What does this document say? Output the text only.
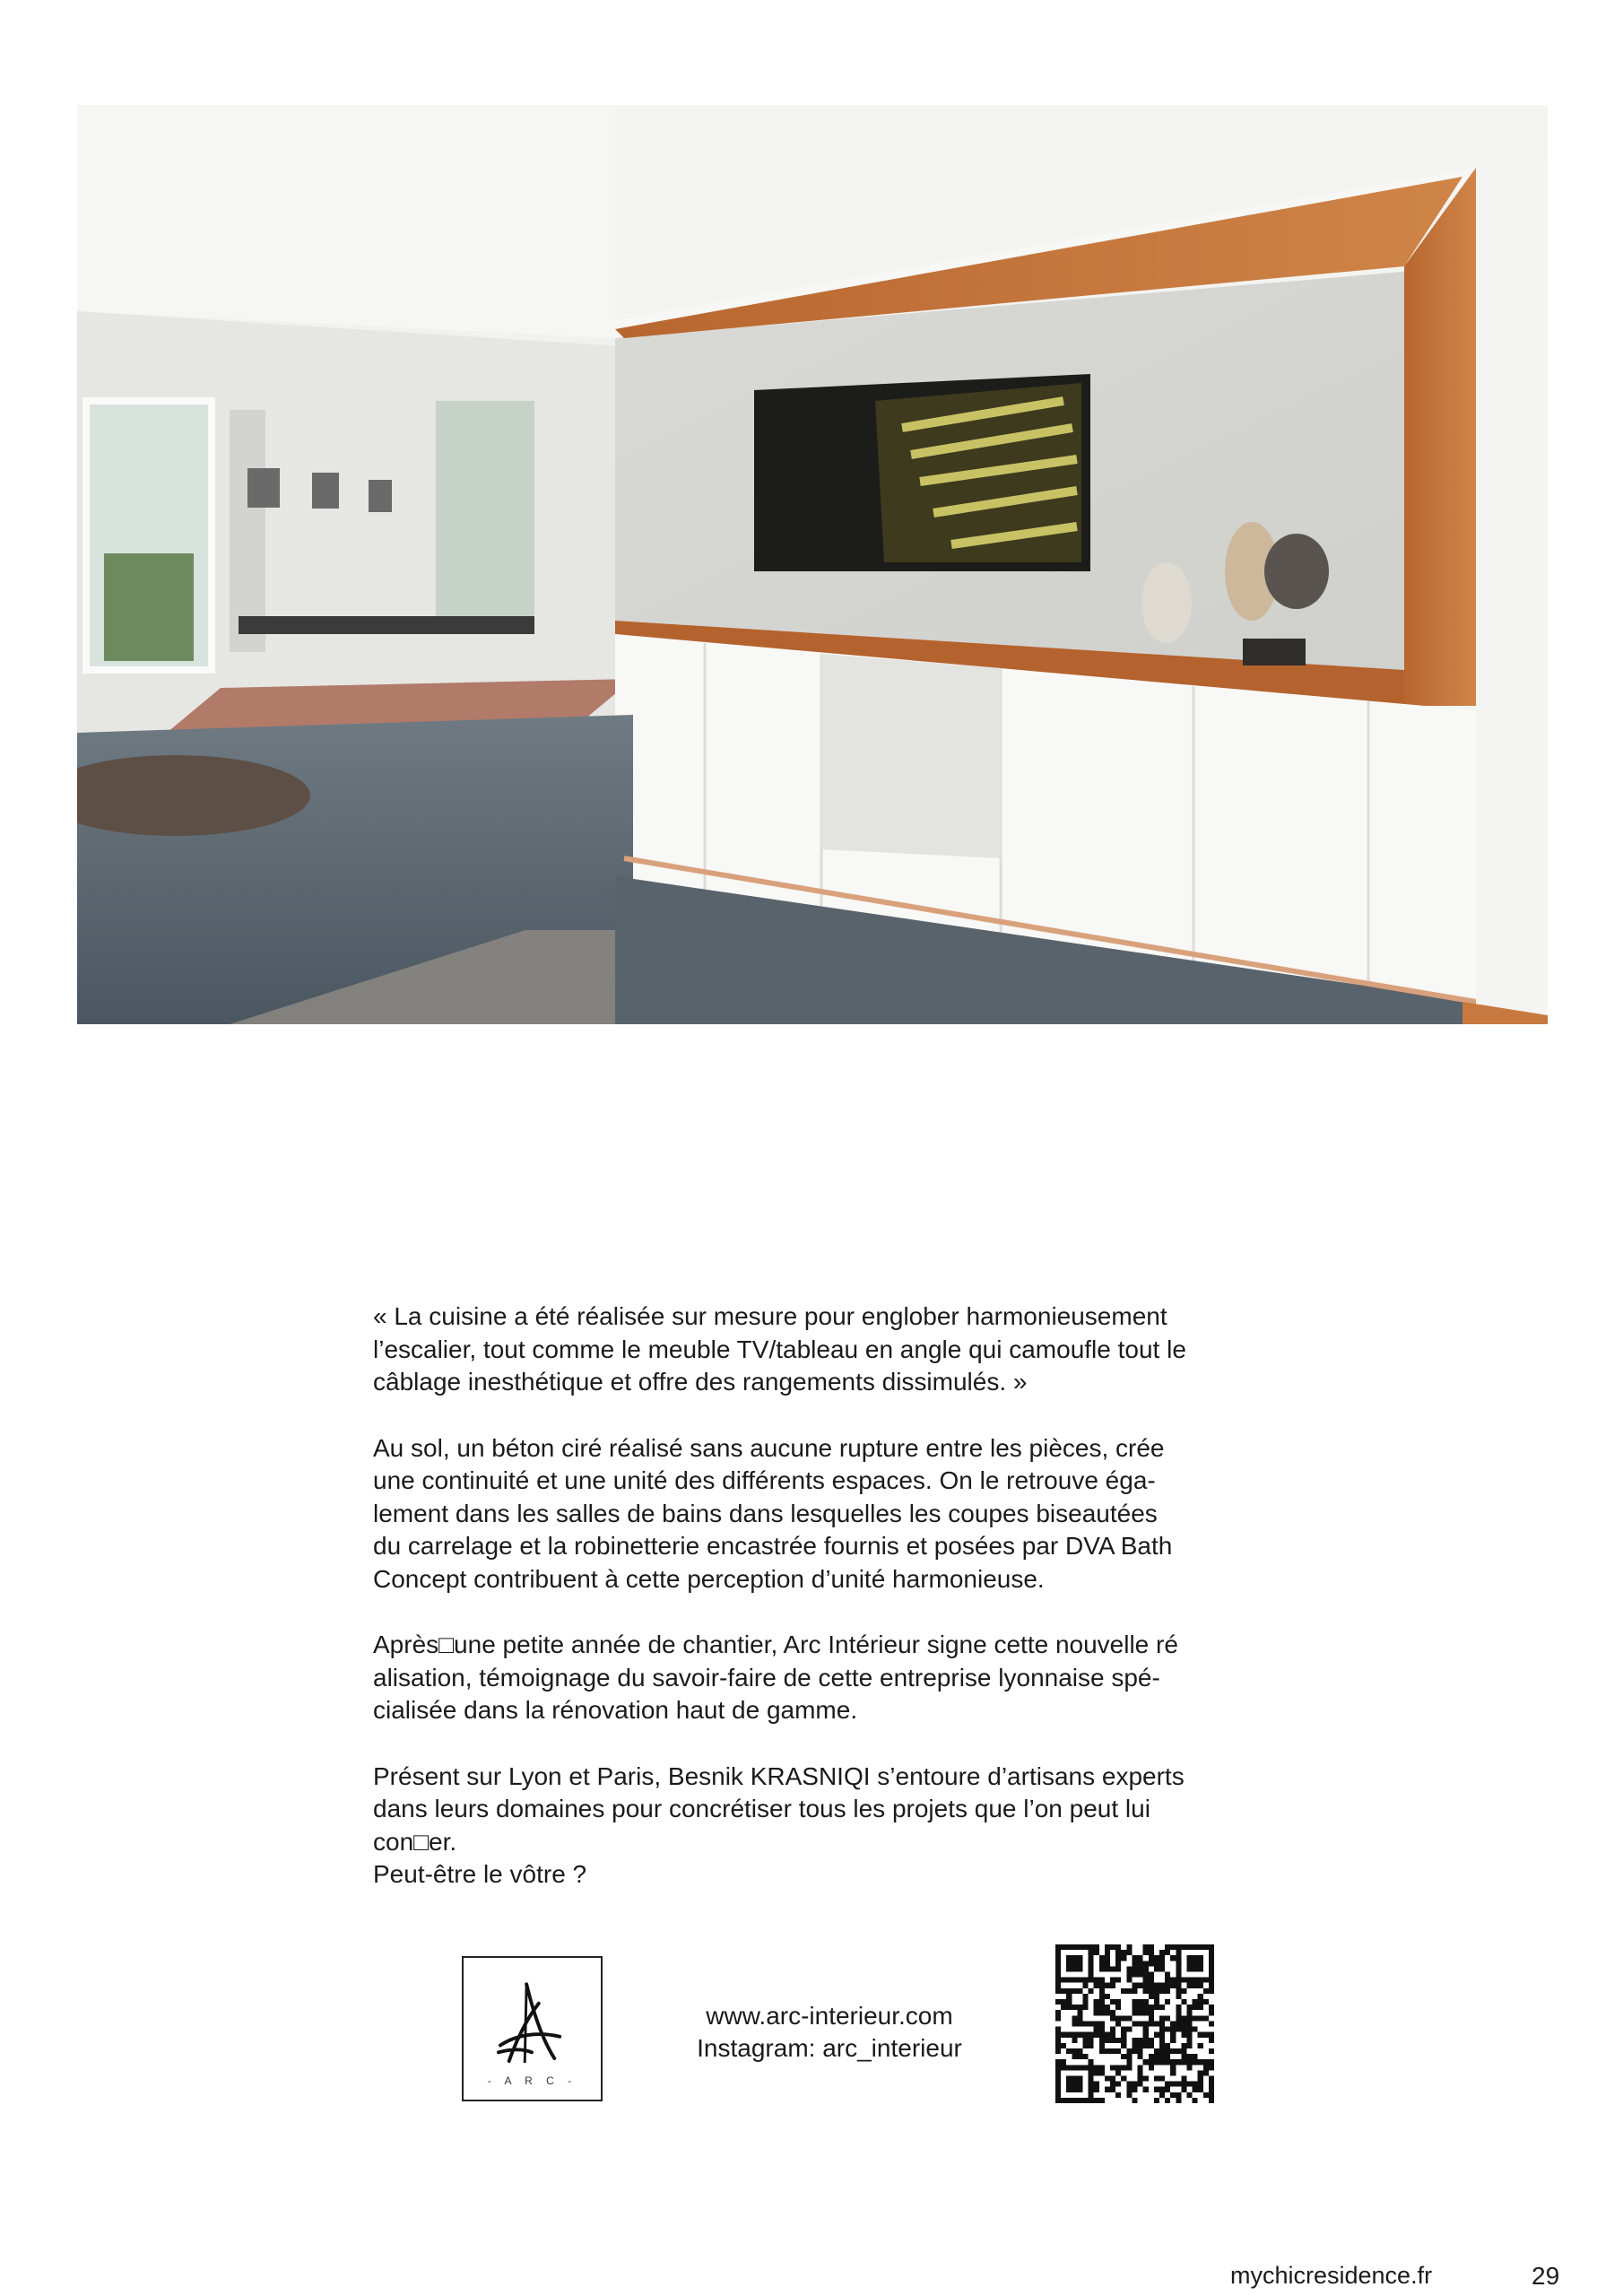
« La cuisine a été réalisée sur mesure pour englober harmonieusement
l’escalier, tout comme le meuble TV/tableau en angle qui camoufle tout le
câblage inesthétique et offre des rangements dissimulés. »

Au sol, un béton ciré réalisé sans aucune rupture entre les pièces, crée
une continuité et une unité des différents espaces. On le retrouve éga-
lement dans les salles de bains dans lesquelles les coupes biseautées
du carrelage et la robinetterie encastrée fournis et posées par DVA Bath
Concept contribuent à cette perception d’unité harmonieuse.

Après□une petite année de chantier, Arc Intérieur signe cette nouvelle ré
alisation, témoignage du savoir-faire de cette entreprise lyonnaise spé-
cialisée dans la rénovation haut de gamme.

Présent sur Lyon et Paris, Besnik KRASNIQI s’entoure d’artisans experts
dans leurs domaines pour concrétiser tous les projets que l’on peut lui
con□er.
Peut-être le vôtre ?

- A R C -
www.arc-interieur.com
Instagram: arc_interieur
mychicresidence.fr	29
